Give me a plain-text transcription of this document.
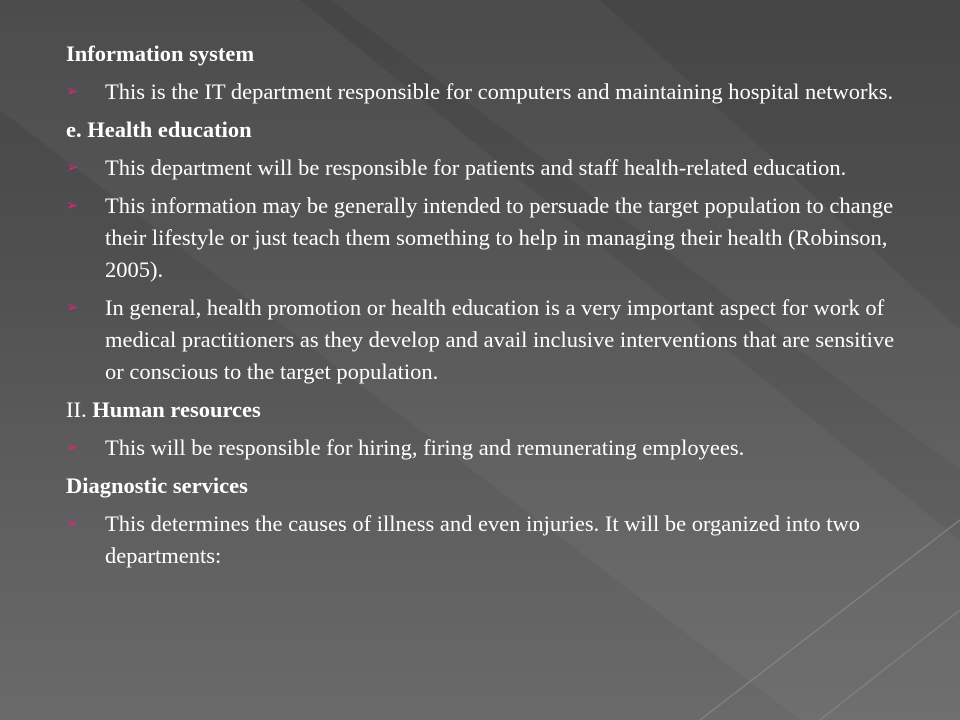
Information system
➢ This is the IT department responsible for computers and maintaining hospital networks.
e. Health education
➢ This department will be responsible for patients and staff health-related education.
➢ This information may be generally intended to persuade the target population to change their lifestyle or just teach them something to help in managing their health (Robinson, 2005).
➢ In general, health promotion or health education is a very important aspect for work of medical practitioners as they develop and avail inclusive interventions that are sensitive or conscious to the target population.
II. Human resources
➢ This will be responsible for hiring, firing and remunerating employees.
Diagnostic services
➢ This determines the causes of illness and even injuries. It will be organized into two departments:
